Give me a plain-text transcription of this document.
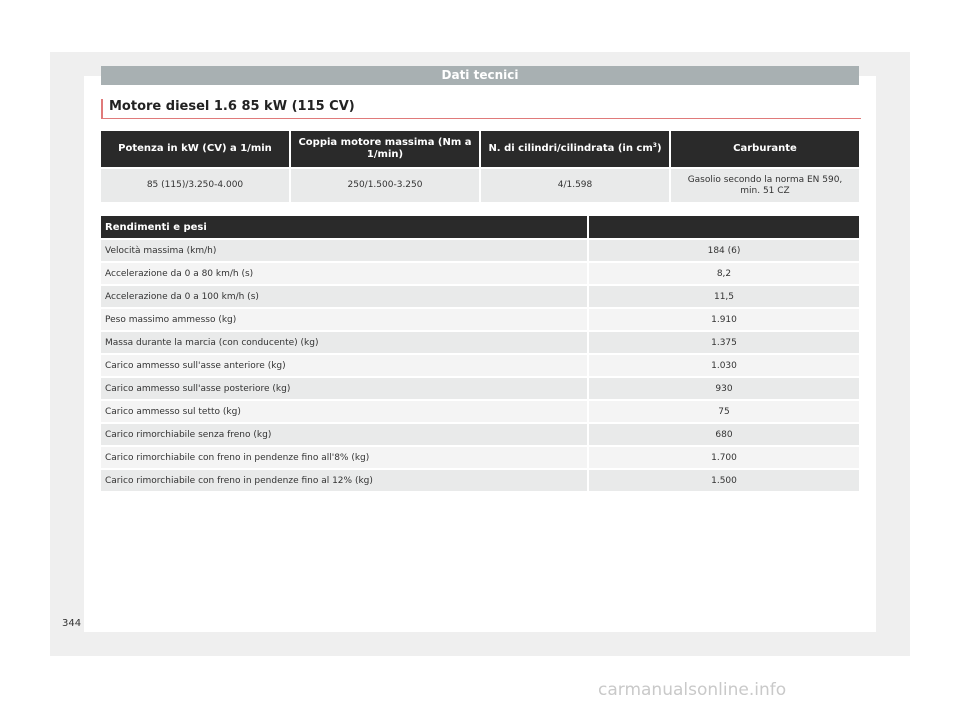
Dati tecnici
Motore diesel 1.6 85 kW (115 CV)
Potenza in kW (CV) a 1/min	Coppia motore massima (Nm a 1/min)	N. di cilindri/cilindrata (in $cm^3$)	Carburante
85 (115)/3.250-4.000	250/1.500-3.250	4/1.598	Gasolio secondo la norma EN 590, min. 51 CZ
Rendimenti e pesi	
Velocità massima (km/h)	184 (6)
Accelerazione da 0 a 80 km/h (s)	8,2
Accelerazione da 0 a 100 km/h (s)	11,5
Peso massimo ammesso (kg)	1.910
Massa durante la marcia (con conducente) (kg)	1.375
Carico ammesso sull'asse anteriore (kg)	1.030
Carico ammesso sull'asse posteriore (kg)	930
Carico ammesso sul tetto (kg)	75
Carico rimorchiabile senza freno (kg)	680
Carico rimorchiabile con freno in pendenze fino all'8% (kg)	1.700
Carico rimorchiabile con freno in pendenze fino al 12% (kg)	1.500
344
carmanualsonline.info
